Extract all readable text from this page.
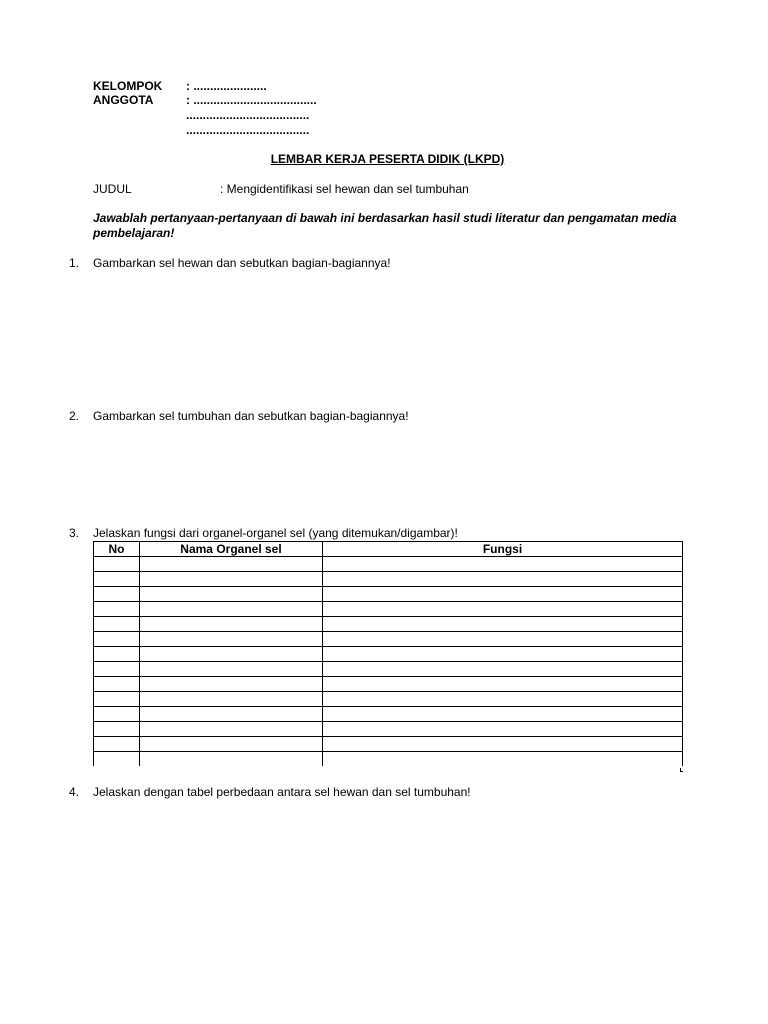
KELOMPOK : ......................
ANGGOTA	: .....................................
.....................................
.....................................
LEMBAR KERJA PESERTA DIDIK (LKPD)
JUDUL	: Mengidentifikasi sel hewan dan sel tumbuhan
Jawablah pertanyaan-pertanyaan di bawah ini berdasarkan hasil studi literatur dan pengamatan media pembelajaran!
1. Gambarkan sel hewan dan sebutkan bagian-bagiannya!
2. Gambarkan sel tumbuhan dan sebutkan bagian-bagiannya!
3. Jelaskan fungsi dari organel-organel sel (yang ditemukan/digambar)!
No	Nama Organel sel	Fungsi

4. Jelaskan dengan tabel perbedaan antara sel hewan dan sel tumbuhan!
